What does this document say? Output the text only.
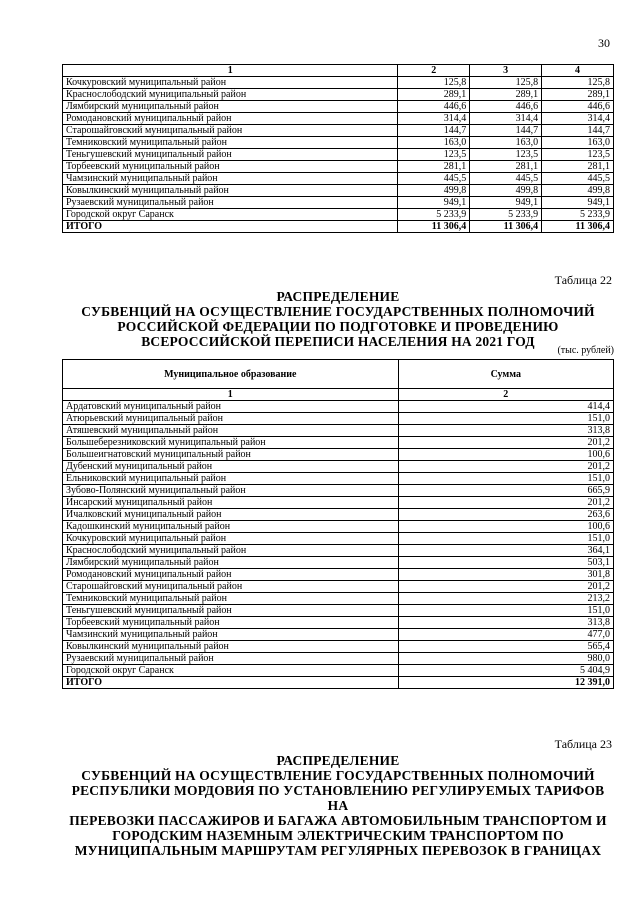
30
1	2	3	4
Кочкуровский муниципальный район	125,8	125,8	125,8
Краснослободский муниципальный район	289,1	289,1	289,1
Лямбирский муниципальный район	446,6	446,6	446,6
Ромодановский муниципальный район	314,4	314,4	314,4
Старошайговский муниципальный район	144,7	144,7	144,7
Темниковский муниципальный район	163,0	163,0	163,0
Теньгушевский муниципальный район	123,5	123,5	123,5
Торбеевский муниципальный район	281,1	281,1	281,1
Чамзинский муниципальный район	445,5	445,5	445,5
Ковылкинский муниципальный район	499,8	499,8	499,8
Рузаевский муниципальный район	949,1	949,1	949,1
Городской округ Саранск	5 233,9	5 233,9	5 233,9
ИТОГО	11 306,4	11 306,4	11 306,4
Таблица 22
РАСПРЕДЕЛЕНИЕ
СУБВЕНЦИЙ НА ОСУЩЕСТВЛЕНИЕ ГОСУДАРСТВЕННЫХ ПОЛНОМОЧИЙ
РОССИЙСКОЙ ФЕДЕРАЦИИ ПО ПОДГОТОВКЕ И ПРОВЕДЕНИЮ
ВСЕРОССИЙСКОЙ ПЕРЕПИСИ НАСЕЛЕНИЯ НА 2021 ГОД
(тыс. рублей)
Муниципальное образование	Сумма
1	2
Ардатовский муниципальный район	414,4
Атюрьевский муниципальный район	151,0
Атяшевский муниципальный район	313,8
Большеберезниковский муниципальный район	201,2
Большеигнатовский муниципальный район	100,6
Дубенский муниципальный район	201,2
Ельниковский муниципальный район	151,0
Зубово-Полянский муниципальный район	665,9
Инсарский муниципальный район	201,2
Ичалковский муниципальный район	263,6
Кадошкинский муниципальный район	100,6
Кочкуровский муниципальный район	151,0
Краснослободский муниципальный район	364,1
Лямбирский муниципальный район	503,1
Ромодановский муниципальный район	301,8
Старошайговский муниципальный район	201,2
Темниковский муниципальный район	213,2
Теньгушевский муниципальный район	151,0
Торбеевский муниципальный район	313,8
Чамзинский муниципальный район	477,0
Ковылкинский муниципальный район	565,4
Рузаевский муниципальный район	980,0
Городской округ Саранск	5 404,9
ИТОГО	12 391,0
Таблица 23
РАСПРЕДЕЛЕНИЕ
СУБВЕНЦИЙ НА ОСУЩЕСТВЛЕНИЕ ГОСУДАРСТВЕННЫХ ПОЛНОМОЧИЙ
РЕСПУБЛИКИ МОРДОВИЯ ПО УСТАНОВЛЕНИЮ РЕГУЛИРУЕМЫХ ТАРИФОВ НА
ПЕРЕВОЗКИ ПАССАЖИРОВ И БАГАЖА АВТОМОБИЛЬНЫМ ТРАНСПОРТОМ И
ГОРОДСКИМ НАЗЕМНЫМ ЭЛЕКТРИЧЕСКИМ ТРАНСПОРТОМ ПО
МУНИЦИПАЛЬНЫМ МАРШРУТАМ РЕГУЛЯРНЫХ ПЕРЕВОЗОК В ГРАНИЦАХ
